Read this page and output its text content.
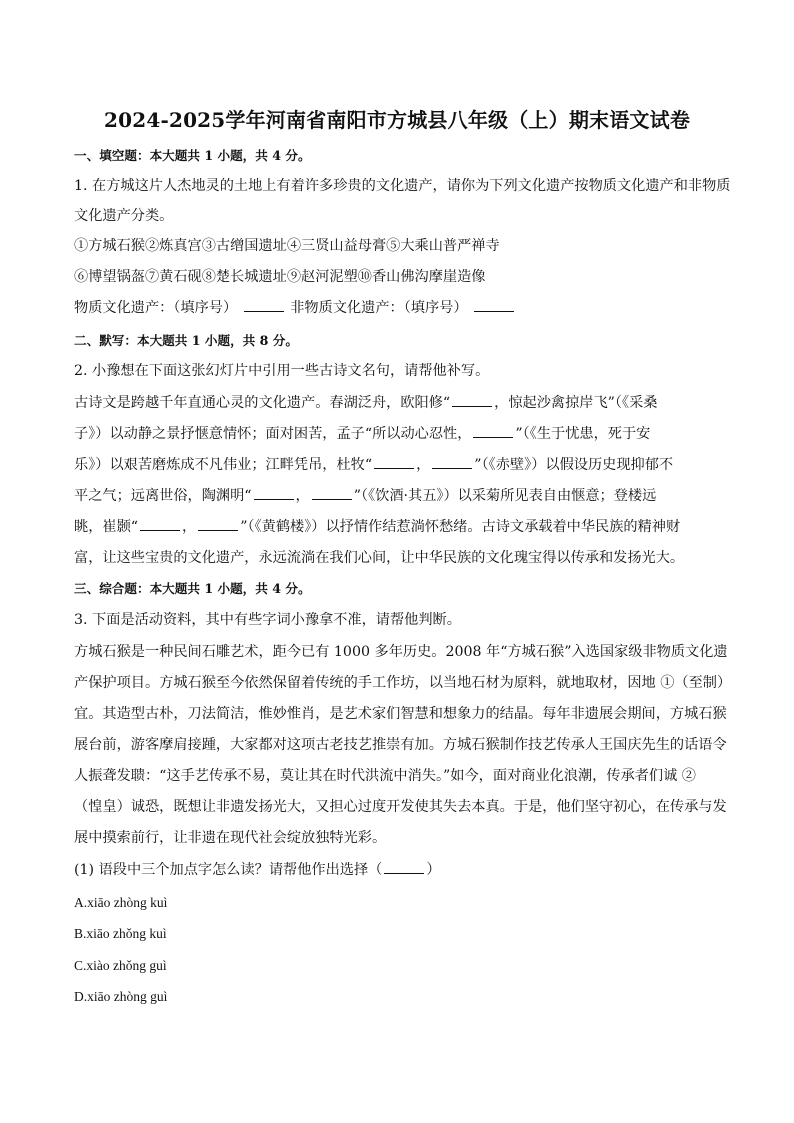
2024-2025学年河南省南阳市方城县八年级（上）期末语文试卷
一、填空题：本大题共 1 小题，共 4 分。
1. 在方城这片人杰地灵的土地上有着许多珍贵的文化遗产，请你为下列文化遗产按物质文化遗产和非物质
文化遗产分类。
①方城石猴②炼真宫③古缯国遗址④三贤山益母膏⑤大乘山普严禅寺
⑥博望锅盔⑦黄石砚⑧楚长城遗址⑨赵河泥塑⑩香山佛沟摩崖造像
物质文化遗产：（填序号）	非物质文化遗产：（填序号）
二、默写：本大题共 1 小题，共 8 分。
2. 小豫想在下面这张幻灯片中引用一些古诗文名句，请帮他补写。
古诗文是跨越千年直通心灵的文化遗产。春湖泛舟，欧阳修“	，惊起沙禽掠岸飞”（《采桑
子》）以动静之景抒惬意情怀；面对困苦，孟子“所以动心忍性，	”（《生于忧患，死于安
乐》）以艰苦磨炼成不凡伟业；江畔凭吊，杜牧“	，	”（《赤壁》）以假设历史现抑郁不
平之气；远离世俗，陶渊明“	，	”（《饮酒·其五》）以采菊所见表自由惬意；登楼远
眺，崔颢“	，	”（《黄鹤楼》）以抒情作结惹淌怀愁绪。古诗文承载着中华民族的精神财
富，让这些宝贵的文化遗产，永远流淌在我们心间，让中华民族的文化瑰宝得以传承和发扬光大。
三、综合题：本大题共 1 小题，共 4 分。
3. 下面是活动资料，其中有些字词小豫拿不准，请帮他判断。
方城石猴是一种民间石雕艺术，距今已有 1000 多年历史。2008 年“方城石猴”入选国家级非物质文化遗
产保护项目。方城石猴至今依然保留着传统的手工作坊，以当地石材为原料，就地取材，因地 ①（至制）
宜。其造型古朴，刀法简洁，惟妙惟肖，是艺术家们智慧和想象力的结晶。每年非遗展会期间，方城石猴
展台前，游客摩肩接踵，大家都对这项古老技艺推崇有加。方城石猴制作技艺传承人王国庆先生的话语令
人振聋发聩：“这手艺传承不易，莫让其在时代洪流中消失。”如今，面对商业化浪潮，传承者们诚 ②
（惶皇）诚恐，既想让非遗发扬光大，又担心过度开发使其失去本真。于是，他们坚守初心，在传承与发
展中摸索前行，让非遗在现代社会绽放独特光彩。
(1) 语段中三个加点字怎么读？请帮他作出选择（	）
A.xiāo zhòng kuì
B.xiāo zhǒng kuì
C.xiào zhǒng guì
D.xiāo zhòng guì
